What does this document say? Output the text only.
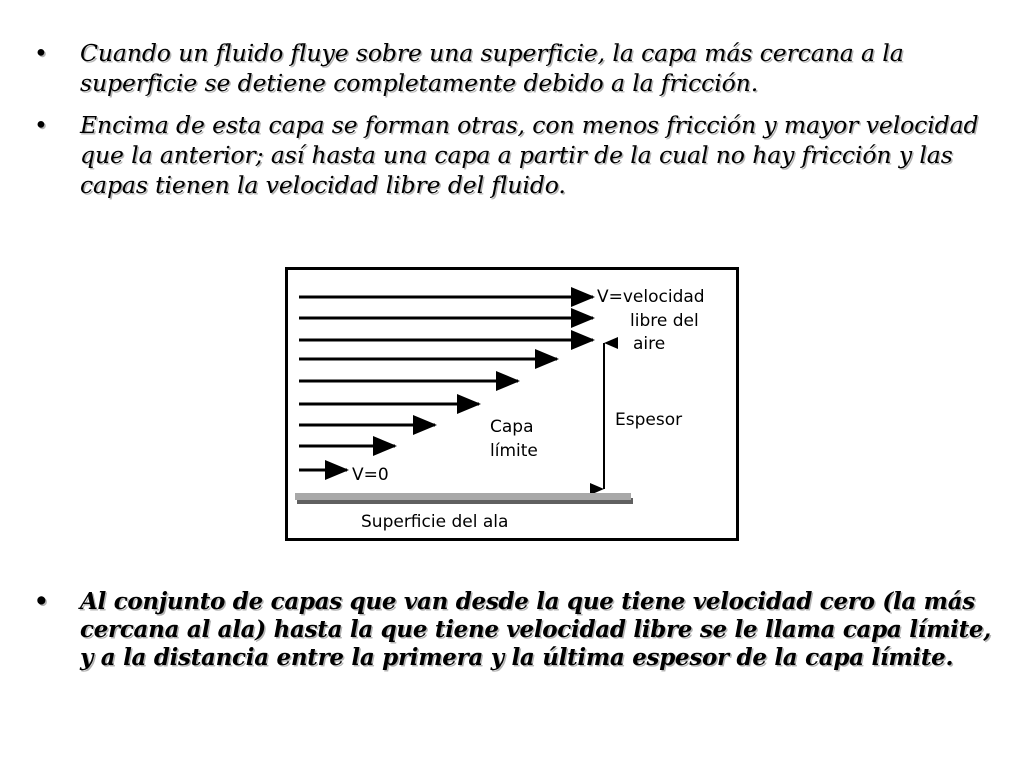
• Cuando un fluido fluye sobre una superficie, la capa más cercana a la superficie se detiene completamente debido a la fricción.
• Encima de esta capa se forman otras, con menos fricción y mayor velocidad que la anterior; así hasta una capa a partir de la cual no hay fricción y las capas tienen la velocidad libre del fluido.
V=velocidad
libre del
aire
Capa
límite
Espesor
V=0
Superficie del ala
• Al conjunto de capas que van desde la que tiene velocidad cero (la más cercana al ala) hasta la que tiene velocidad libre se le llama capa límite, y a la distancia entre la primera y la última espesor de la capa límite.
